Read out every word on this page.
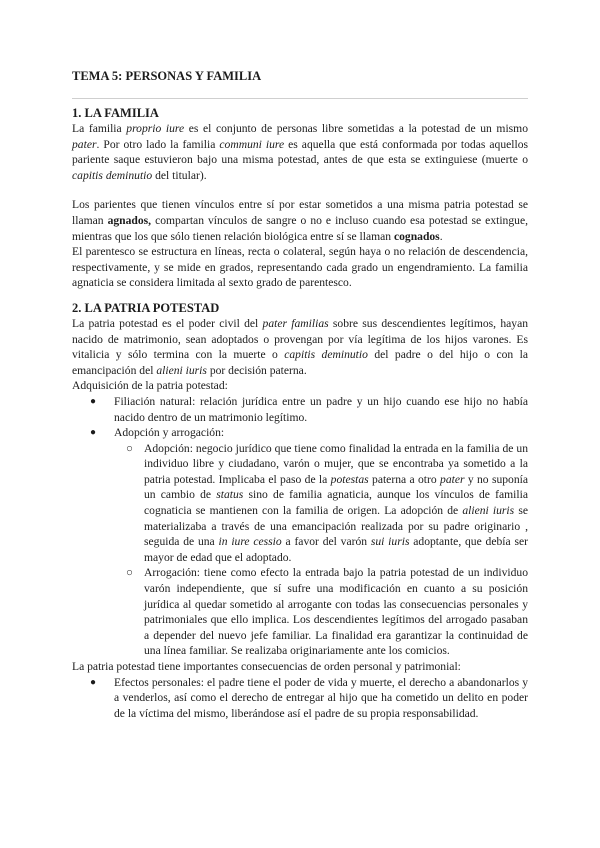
TEMA 5: PERSONAS Y FAMILIA

1. LA FAMILIA

La familia proprio iure es el conjunto de personas libre sometidas a la potestad de un mismo pater. Por otro lado la familia communi iure es aquella que está conformada por todas aquellos pariente saque estuvieron bajo una misma potestad, antes de que esta se extinguiese (muerte o capitis deminutio del titular).

Los parientes que tienen vínculos entre sí por estar sometidos a una misma patria potestad se llaman agnados, compartan vínculos de sangre o no e incluso cuando esa potestad se extingue, mientras que los que sólo tienen relación biológica entre sí se llaman cognados.

El parentesco se estructura en líneas, recta o colateral, según haya o no relación de descendencia, respectivamente, y se mide en grados, representando cada grado un engendramiento. La familia agnaticia se considera limitada al sexto grado de parentesco.

2. LA PATRIA POTESTAD

La patria potestad es el poder civil del pater familias sobre sus descendientes legítimos, hayan nacido de matrimonio, sean adoptados o provengan por vía legítima de los hijos varones. Es vitalicia y sólo termina con la muerte o capitis deminutio del padre o del hijo o con la emancipación del alieni iuris por decisión paterna.

Adquisición de la patria potestad:

● Filiación natural: relación jurídica entre un padre y un hijo cuando ese hijo no había nacido dentro de un matrimonio legítimo.
● Adopción y arrogación:
○ Adopción: negocio jurídico que tiene como finalidad la entrada en la familia de un individuo libre y ciudadano, varón o mujer, que se encontraba ya sometido a la patria potestad. Implicaba el paso de la potestas paterna a otro pater y no suponía un cambio de status sino de familia agnaticia, aunque los vínculos de familia cognaticia se mantienen con la familia de origen. La adopción de alieni iuris se materializaba a través de una emancipación realizada por su padre originario , seguida de una in iure cessio a favor del varón sui iuris adoptante, que debía ser mayor de edad que el adoptado.
○ Arrogación: tiene como efecto la entrada bajo la patria potestad de un individuo varón independiente, que sí sufre una modificación en cuanto a su posición jurídica al quedar sometido al arrogante con todas las consecuencias personales y patrimoniales que ello implica. Los descendientes legítimos del arrogado pasaban a depender del nuevo jefe familiar. La finalidad era garantizar la continuidad de una línea familiar. Se realizaba originariamente ante los comicios.

La patria potestad tiene importantes consecuencias de orden personal y patrimonial:

● Efectos personales: el padre tiene el poder de vida y muerte, el derecho a abandonarlos y a venderlos, así como el derecho de entregar al hijo que ha cometido un delito en poder de la víctima del mismo, liberándose así el padre de su propia responsabilidad.
